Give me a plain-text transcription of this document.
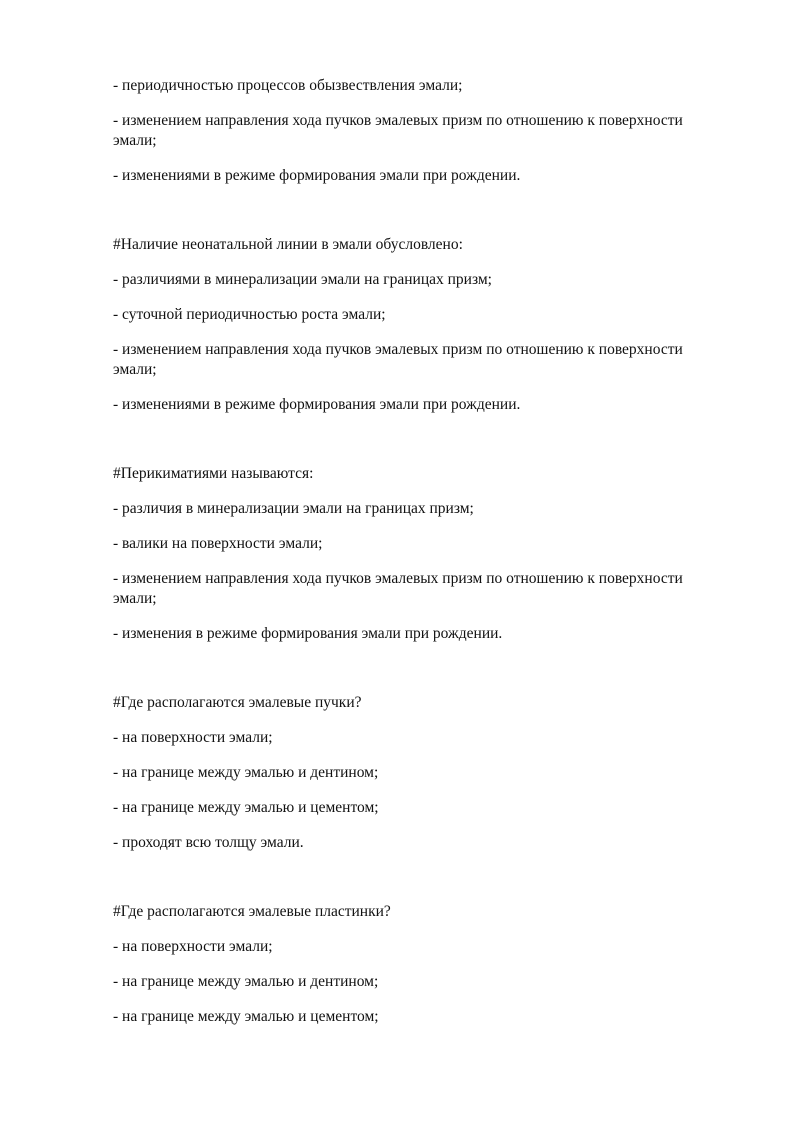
- периодичностью процессов обызвествления эмали;

- изменением направления хода пучков эмалевых призм по отношению к поверхности эмали;

- изменениями в режиме формирования эмали при рождении.

#Наличие неонатальной линии в эмали обусловлено:

- различиями в минерализации эмали на границах призм;

- суточной периодичностью роста эмали;

- изменением направления хода пучков эмалевых призм по отношению к поверхности эмали;

- изменениями в режиме формирования эмали при рождении.

#Перикиматиями называются:

- различия в минерализации эмали на границах призм;

- валики на поверхности эмали;

- изменением направления хода пучков эмалевых призм по отношению к поверхности эмали;

- изменения в режиме формирования эмали при рождении.

#Где располагаются эмалевые пучки?

- на поверхности эмали;

- на границе между эмалью и дентином;

- на границе между эмалью и цементом;

- проходят всю толщу эмали.

#Где располагаются эмалевые пластинки?

- на поверхности эмали;

- на границе между эмалью и дентином;

- на границе между эмалью и цементом;
